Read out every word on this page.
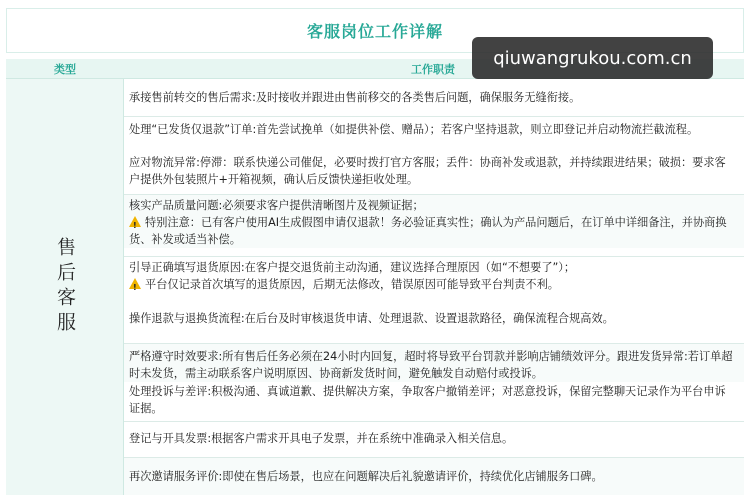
客服岗位工作详解
类型	工作职责
售后客服

承接售前转交的售后需求:及时接收并跟进由售前移交的各类售后问题，确保服务无缝衔接。

处理“已发货仅退款”订单:首先尝试挽单（如提供补偿、赠品）；若客户坚持退款，则立即登记并启动物流拦截流程。

应对物流异常:停滞：联系快递公司催促，必要时拨打官方客服；丢件：协商补发或退款，并持续跟进结果；破损：要求客户提供外包装照片+开箱视频，确认后反馈快递拒收处理。

核实产品质量问题:必须要求客户提供清晰图片及视频证据；

!特别注意：已有客户使用AI生成假图申请仅退款！务必验证真实性；确认为产品问题后，在订单中详细备注，并协商换货、补发或适当补偿。

引导正确填写退货原因:在客户提交退货前主动沟通，建议选择合理原因（如“不想要了”）；

!平台仅记录首次填写的退货原因，后期无法修改，错误原因可能导致平台判责不利。

操作退款与退换货流程:在后台及时审核退货申请、处理退款、设置退款路径，确保流程合规高效。

严格遵守时效要求:所有售后任务必须在24小时内回复，超时将导致平台罚款并影响店铺绩效评分。跟进发货异常:若订单超时未发货，需主动联系客户说明原因、协商新发货时间，避免触发自动赔付或投诉。

处理投诉与差评:积极沟通、真诚道歉、提供解决方案，争取客户撤销差评；对恶意投诉，保留完整聊天记录作为平台申诉证据。

登记与开具发票:根据客户需求开具电子发票，并在系统中准确录入相关信息。

再次邀请服务评价:即使在售后场景，也应在问题解决后礼貌邀请评价，持续优化店铺服务口碑。

qiuwangrukou.com.cn
